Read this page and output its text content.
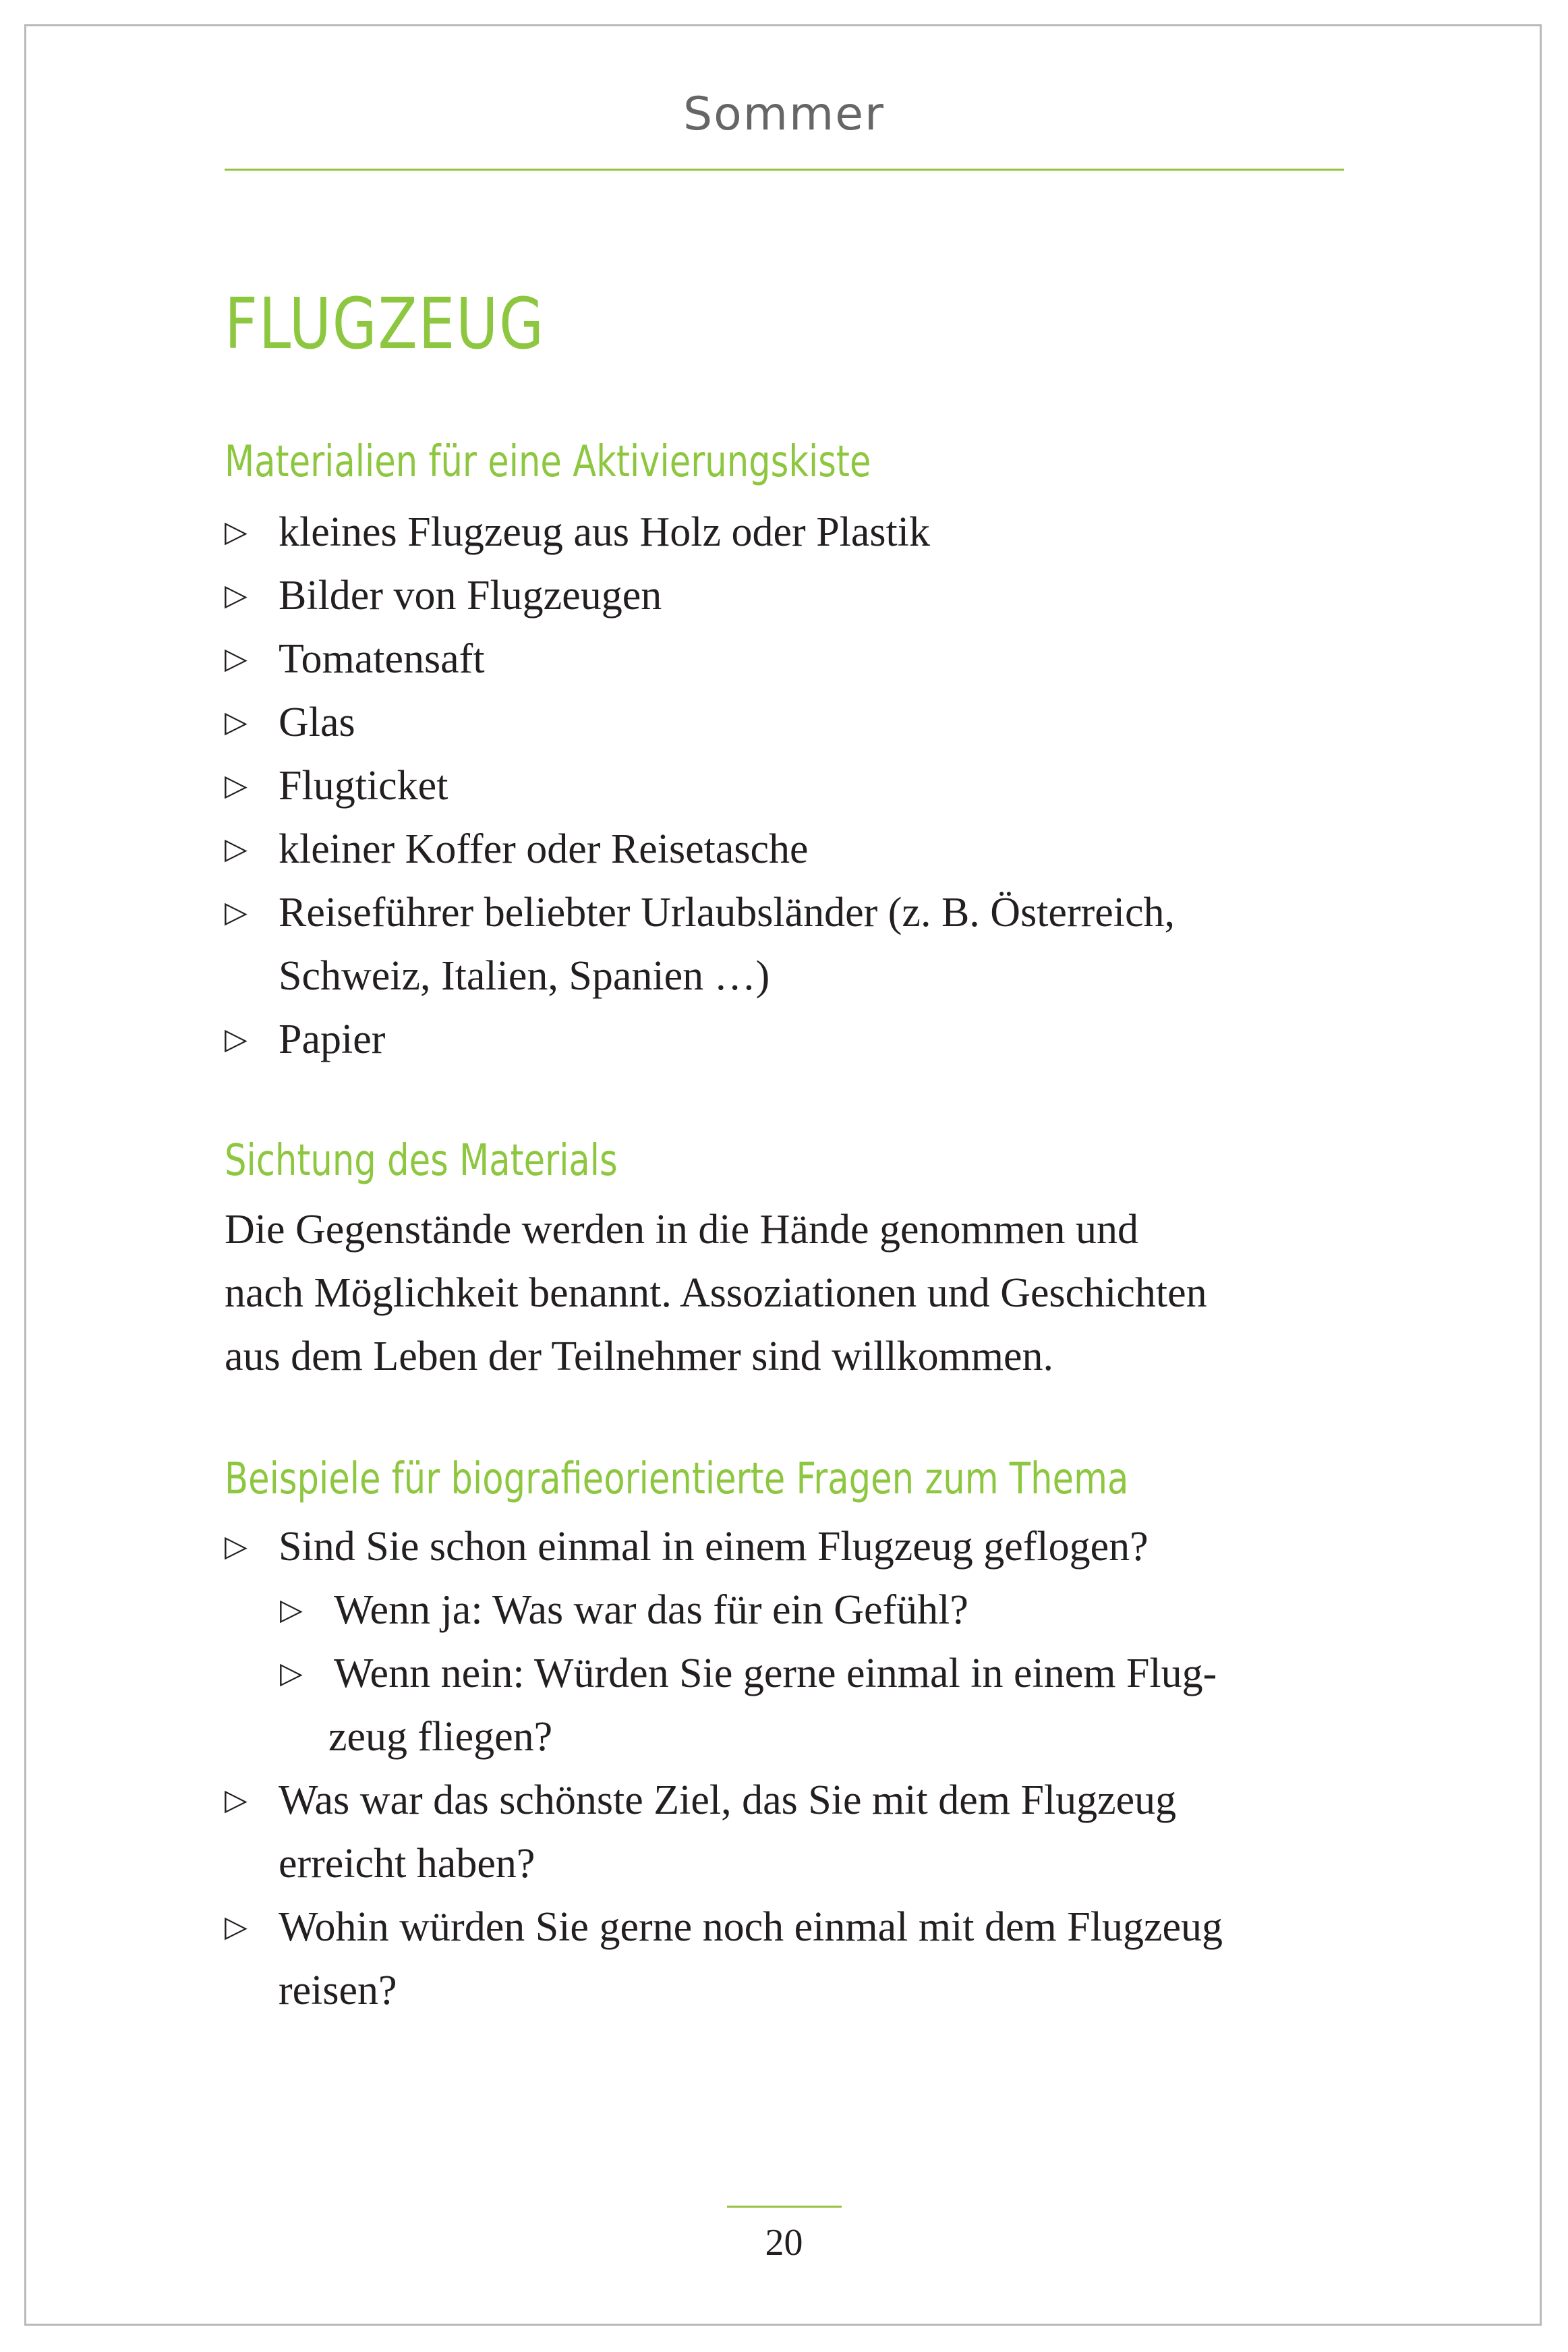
Sommer
FLUGZEUG
Materialien für eine Aktivierungskiste
▷ kleines Flugzeug aus Holz oder Plastik
▷ Bilder von Flugzeugen
▷ Tomatensaft
▷ Glas
▷ Flugticket
▷ kleiner Koffer oder Reisetasche
▷ Reiseführer beliebter Urlaubsländer (z. B. Österreich,
Schweiz, Italien, Spanien …)
▷ Papier
Sichtung des Materials

Die Gegenstände werden in die Hände genommen und
nach Möglichkeit benannt. Assoziationen und Geschichten
aus dem Leben der Teilnehmer sind willkommen.

Beispiele für biografieorientierte Fragen zum Thema
▷ Sind Sie schon einmal in einem Flugzeug geflogen?
▷ Wenn ja: Was war das für ein Gefühl?
▷ Wenn nein: Würden Sie gerne einmal in einem Flug-
zeug fliegen?
▷ Was war das schönste Ziel, das Sie mit dem Flugzeug
erreicht haben?
▷ Wohin würden Sie gerne noch einmal mit dem Flugzeug
reisen?
20
